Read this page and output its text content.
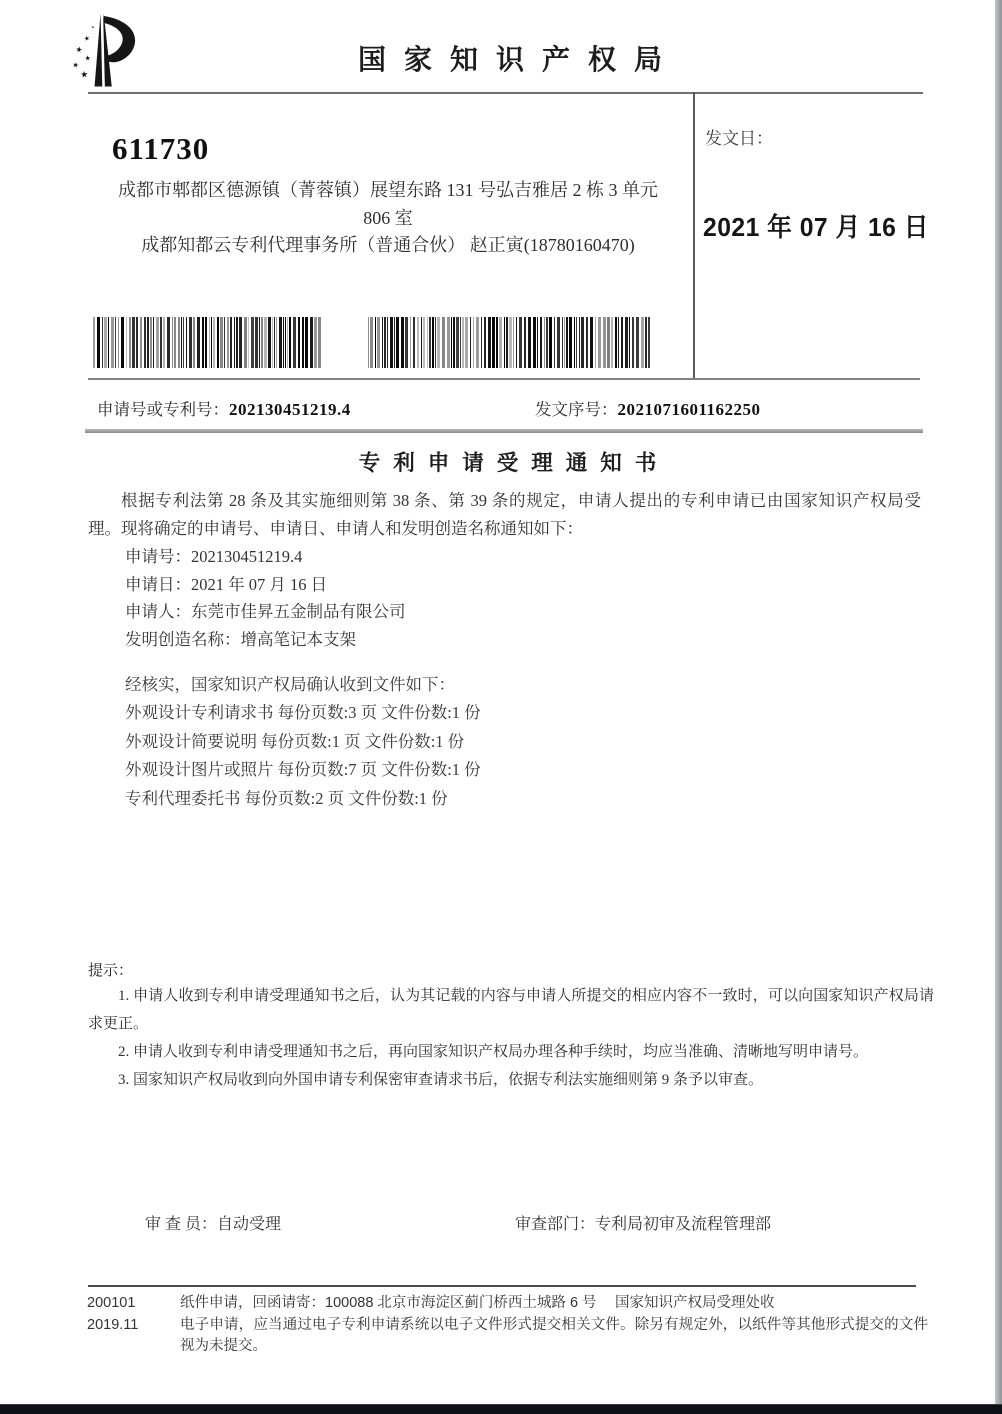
国家知识产权局
611730
成都市郫都区德源镇（菁蓉镇）展望东路 131 号弘吉雅居 2 栋 3 单元
806 室
成都知都云专利代理事务所（普通合伙） 赵正寅(18780160470)
发文日：
2021 年 07 月 16 日
申请号或专利号：202130451219.4	发文序号：2021071601162250
专利申请受理通知书
根据专利法第 28 条及其实施细则第 38 条、第 39 条的规定，申请人提出的专利申请已由国家知识产权局受理。现将确定的申请号、申请日、申请人和发明创造名称通知如下：
申请号：202130451219.4
申请日：2021 年 07 月 16 日
申请人：东莞市佳昇五金制品有限公司
发明创造名称：增高笔记本支架
经核实，国家知识产权局确认收到文件如下：
外观设计专利请求书 每份页数:3 页 文件份数:1 份
外观设计简要说明 每份页数:1 页 文件份数:1 份
外观设计图片或照片 每份页数:7 页 文件份数:1 份
专利代理委托书 每份页数:2 页 文件份数:1 份
提示：

1. 申请人收到专利申请受理通知书之后，认为其记载的内容与申请人所提交的相应内容不一致时，可以向国家知识产权局请求更正。

2. 申请人收到专利申请受理通知书之后，再向国家知识产权局办理各种手续时，均应当准确、清晰地写明申请号。

3. 国家知识产权局收到向外国申请专利保密审查请求书后，依据专利法实施细则第 9 条予以审查。

审 查 员：自动受理	审查部门：专利局初审及流程管理部
200101
2019.11
纸件申请，回函请寄：100088 北京市海淀区蓟门桥西土城路 6 号　 国家知识产权局受理处收
电子申请，应当通过电子专利申请系统以电子文件形式提交相关文件。除另有规定外，以纸件等其他形式提交的文件视为未提交。
